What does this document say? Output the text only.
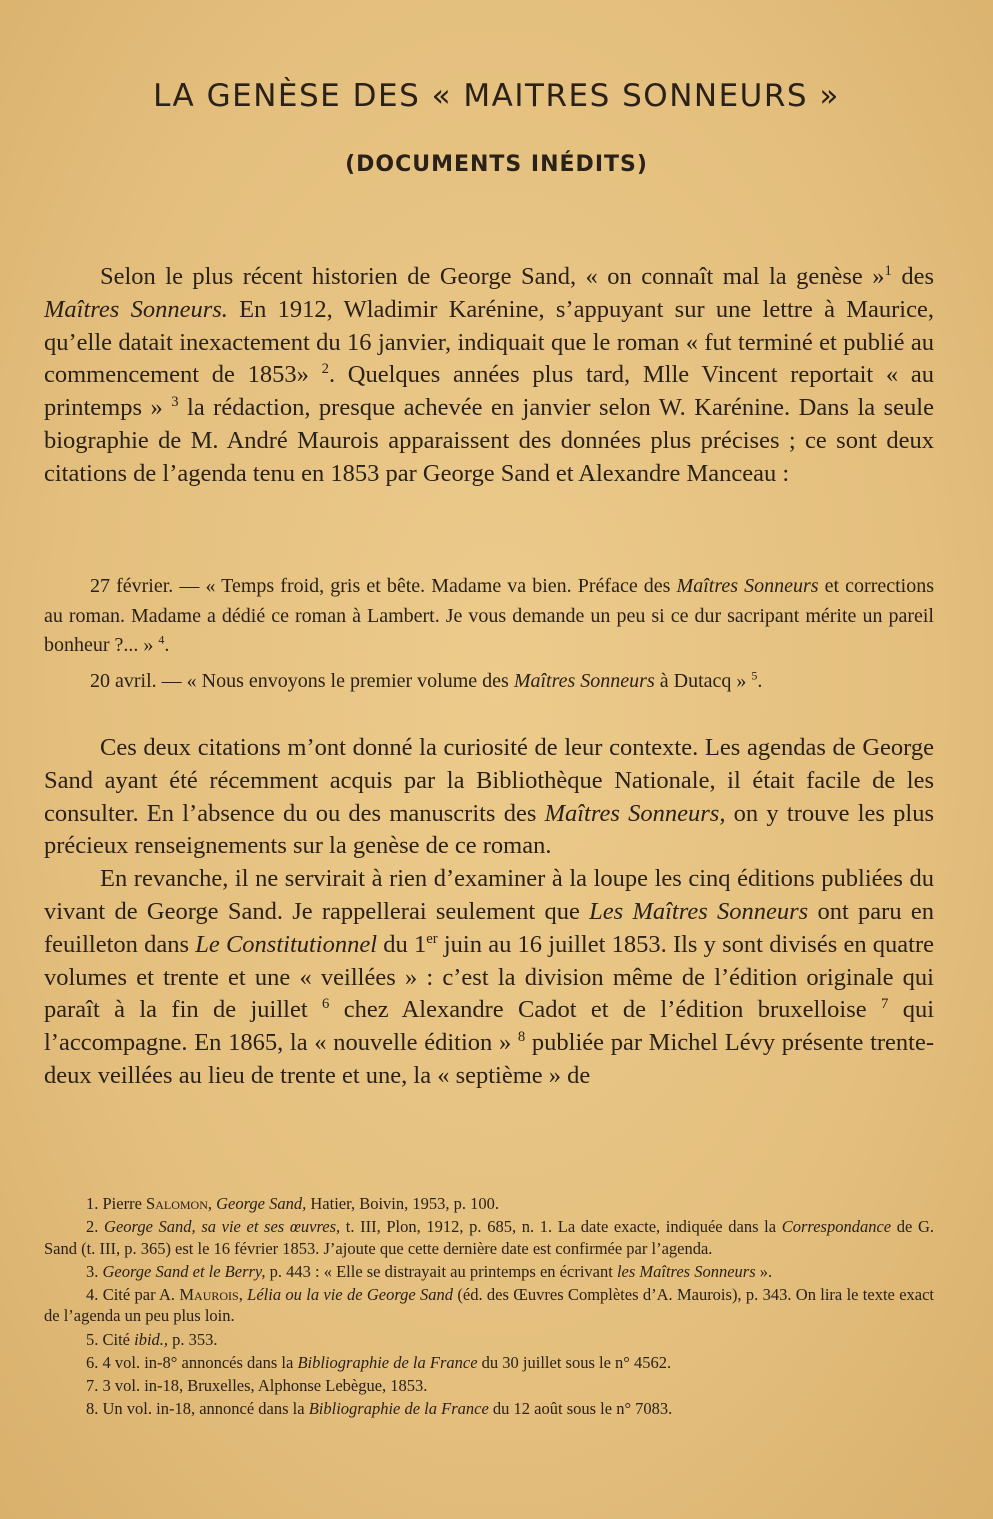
LA GENÈSE DES « MAITRES SONNEURS »
(DOCUMENTS INÉDITS)

Selon le plus récent historien de George Sand, « on connaît mal la genèse »$^1$ des Maîtres Sonneurs. En 1912, Wladimir Karénine, s’appuyant sur une lettre à Maurice, qu’elle datait inexactement du 16 janvier, indiquait que le roman « fut terminé et publié au commencement de 1853» $^2$. Quelques années plus tard, Mlle Vincent reportait « au printemps » $^3$ la rédaction, presque achevée en janvier selon W. Karénine. Dans la seule biographie de M. André Maurois apparaissent des données plus précises ; ce sont deux citations de l’agenda tenu en 1853 par George Sand et Alexandre Manceau :

27 février. — « Temps froid, gris et bête. Madame va bien. Préface des Maîtres Sonneurs et corrections au roman. Madame a dédié ce roman à Lambert. Je vous demande un peu si ce dur sacripant mérite un pareil bonheur ?... » $^4$.

20 avril. — « Nous envoyons le premier volume des Maîtres Sonneurs à Dutacq » $^5$.

Ces deux citations m’ont donné la curiosité de leur contexte. Les agendas de George Sand ayant été récemment acquis par la Bibliothèque Nationale, il était facile de les consulter. En l’absence du ou des manuscrits des Maîtres Sonneurs, on y trouve les plus précieux renseignements sur la genèse de ce roman.

En revanche, il ne servirait à rien d’examiner à la loupe les cinq éditions publiées du vivant de George Sand. Je rappellerai seulement que Les Maîtres Sonneurs ont paru en feuilleton dans Le Constitutionnel du 1er juin au 16 juillet 1853. Ils y sont divisés en quatre volumes et trente et une « veillées » : c’est la division même de l’édition originale qui paraît à la fin de juillet $^6$ chez Alexandre Cadot et de l’édition bruxelloise $^7$ qui l’accompagne. En 1865, la « nouvelle édition » $^8$ publiée par Michel Lévy présente trente-deux veillées au lieu de trente et une, la « septième » de

1. Pierre Salomon, George Sand, Hatier, Boivin, 1953, p. 100.

2. George Sand, sa vie et ses œuvres, t. III, Plon, 1912, p. 685, n. 1. La date exacte, indiquée dans la Correspondance de G. Sand (t. III, p. 365) est le 16 février 1853. J’ajoute que cette dernière date est confirmée par l’agenda.

3. George Sand et le Berry, p. 443 : « Elle se distrayait au printemps en écrivant les Maîtres Sonneurs ».

4. Cité par A. Maurois, Lélia ou la vie de George Sand (éd. des Œuvres Complètes d’A. Maurois), p. 343. On lira le texte exact de l’agenda un peu plus loin.

5. Cité ibid., p. 353.

6. 4 vol. in-8° annoncés dans la Bibliographie de la France du 30 juillet sous le n° 4562.

7. 3 vol. in-18, Bruxelles, Alphonse Lebègue, 1853.

8. Un vol. in-18, annoncé dans la Bibliographie de la France du 12 août sous le n° 7083.
